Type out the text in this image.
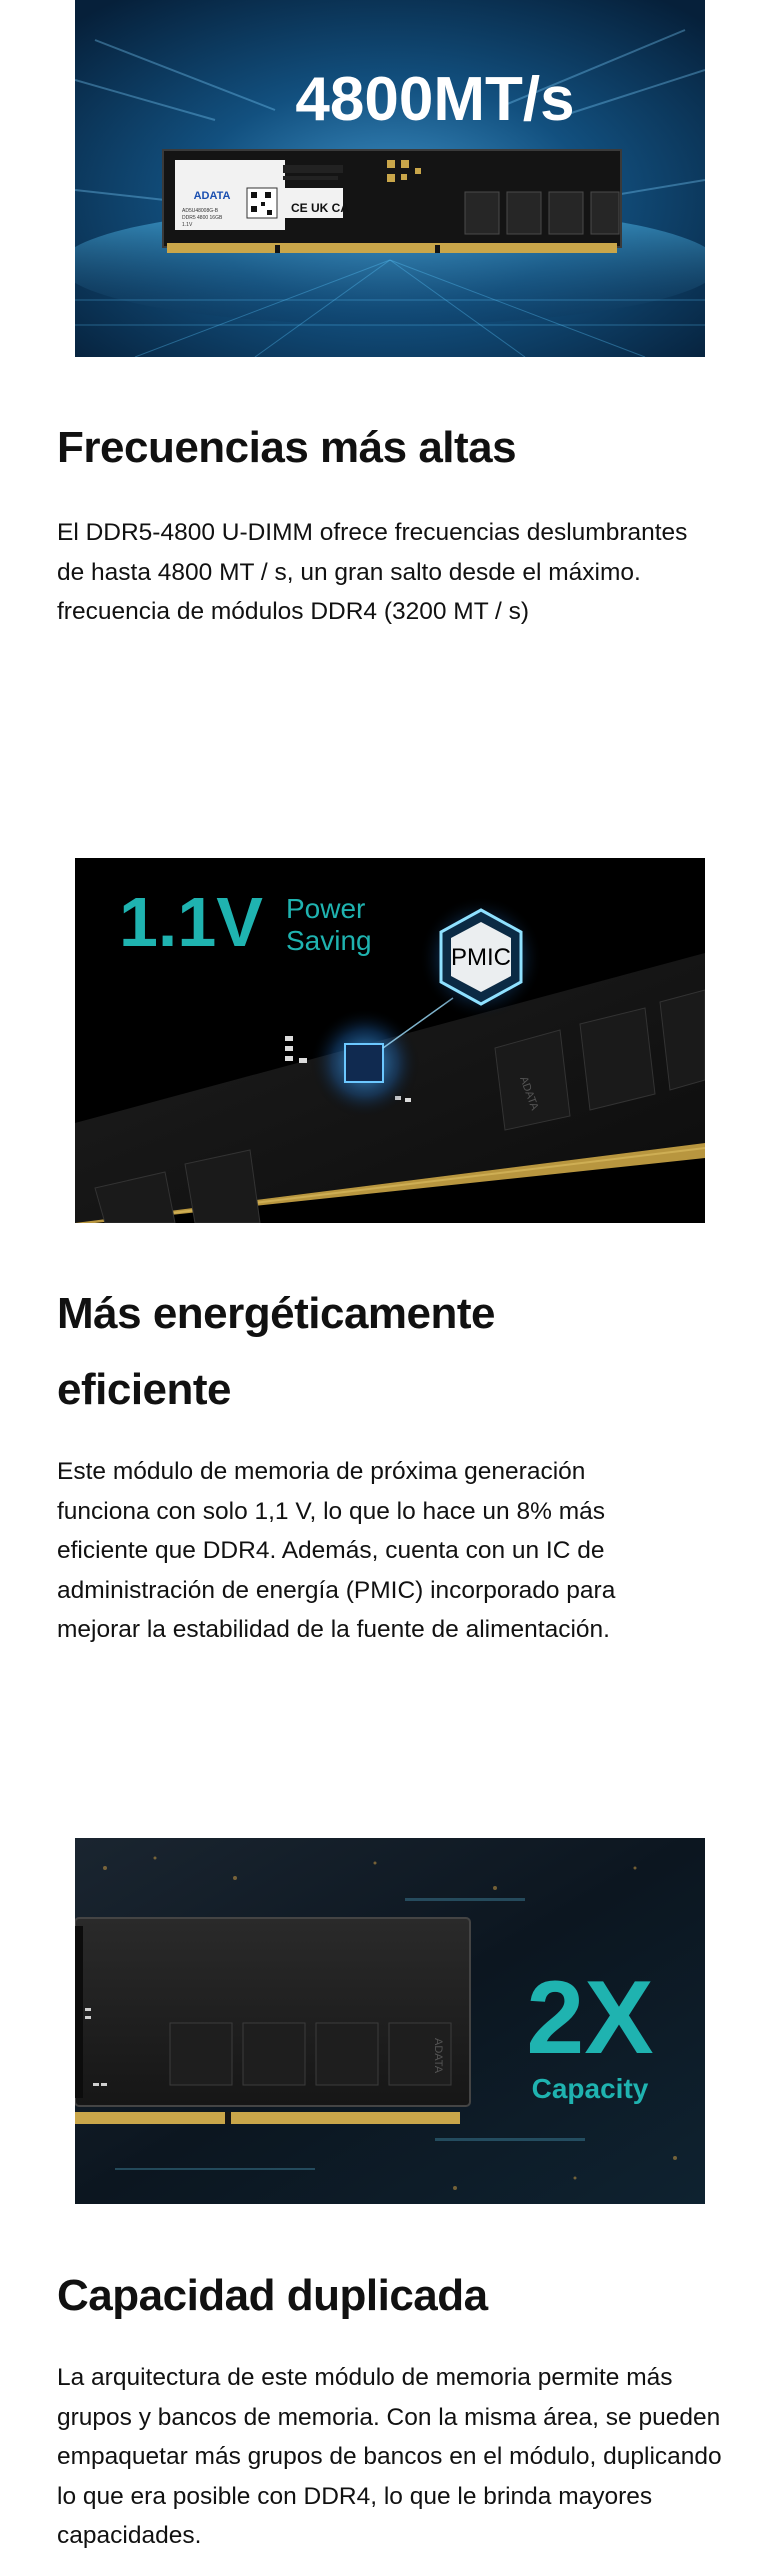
4800MT/s
ADATA
AD5U48008G-B
DDR5 4800 16GB
1.1V
CE UK CA
Frecuencias más altas

El DDR5-4800 U-DIMM ofrece frecuencias deslumbrantes de hasta 4800 MT / s, un gran salto desde el máximo. frecuencia de módulos DDR4 (3200 MT / s)

ADATA
PMIC
1.1V Power
Saving
Más energéticamente
eficiente

Este módulo de memoria de próxima generación funciona con solo 1,1 V, lo que lo hace un 8% más eficiente que DDR4. Además, cuenta con un IC de administración de energía (PMIC) incorporado para mejorar la estabilidad de la fuente de alimentación.

ADATA 2X
Capacity
Capacidad duplicada

La arquitectura de este módulo de memoria permite más grupos y bancos de memoria. Con la misma área, se pueden empaquetar más grupos de bancos en el módulo, duplicando lo que era posible con DDR4, lo que le brinda mayores capacidades.
